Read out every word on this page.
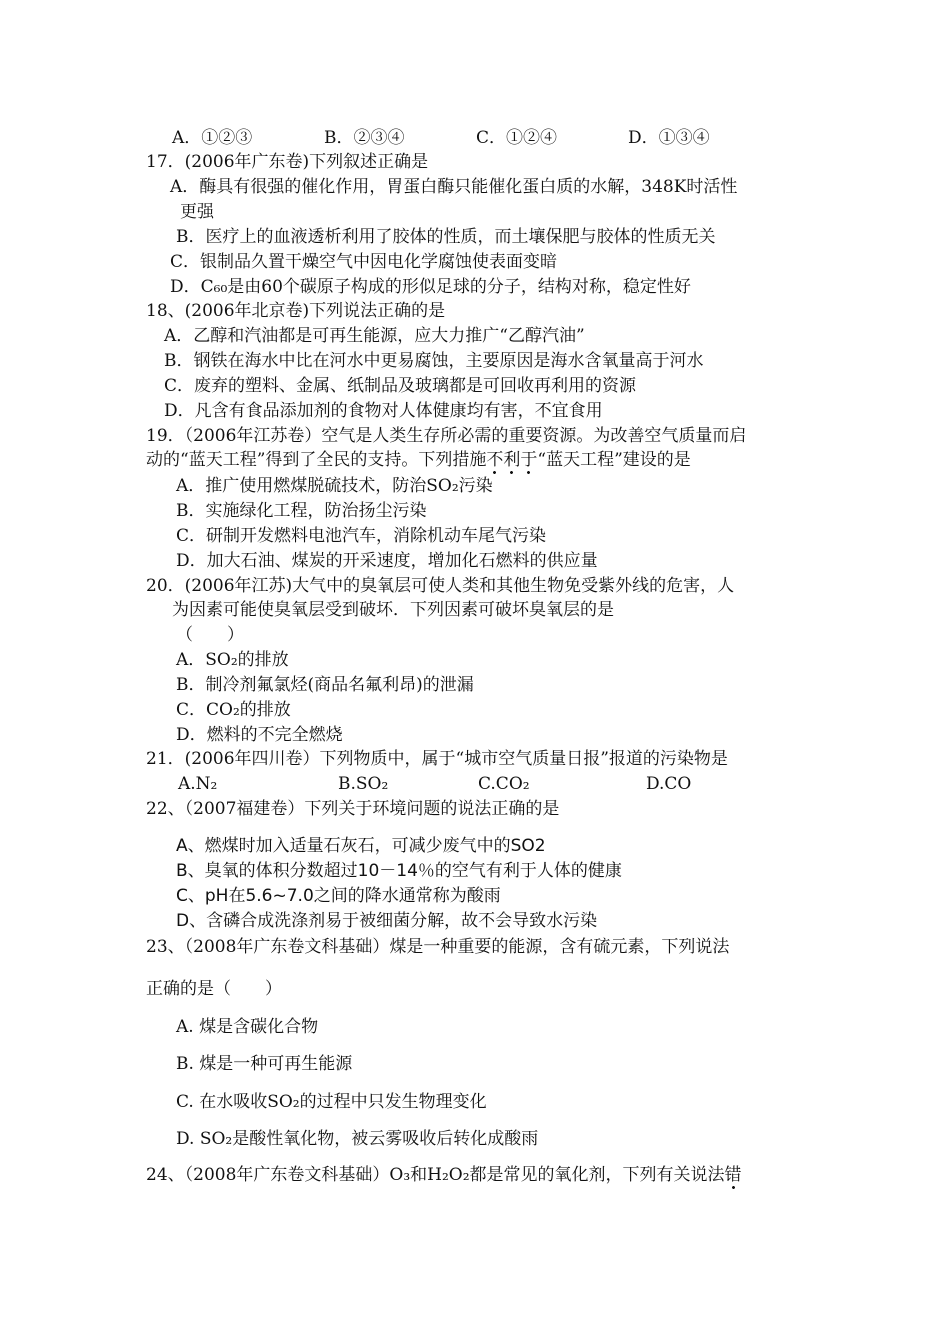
A．①②③	B．②③④	C．①②④	D．①③④
17．(2006年广东卷)下列叙述正确是
A．酶具有很强的催化作用，胃蛋白酶只能催化蛋白质的水解，348K时活性
更强
B．医疗上的血液透析利用了胶体的性质，而土壤保肥与胶体的性质无关
C．银制品久置干燥空气中因电化学腐蚀使表面变暗
D．C₆₀是由60个碳原子构成的形似足球的分子，结构对称，稳定性好
18、(2006年北京卷)下列说法正确的是
A．乙醇和汽油都是可再生能源，应大力推广“乙醇汽油”
B．钢铁在海水中比在河水中更易腐蚀，主要原因是海水含氧量高于河水
C．废弃的塑料、金属、纸制品及玻璃都是可回收再利用的资源
D．凡含有食品添加剂的食物对人体健康均有害，不宜食用
19．（2006年江苏卷）空气是人类生存所必需的重要资源。为改善空气质量而启
动的“蓝天工程”得到了全民的支持。下列措施不利于“蓝天工程”建设的是
A．推广使用燃煤脱硫技术，防治SO₂污染
B．实施绿化工程，防治扬尘污染
C．研制开发燃料电池汽车，消除机动车尾气污染
D．加大石油、煤炭的开采速度，增加化石燃料的供应量
20．(2006年江苏)大气中的臭氧层可使人类和其他生物免受紫外线的危害，人
为因素可能使臭氧层受到破坏．下列因素可破坏臭氧层的是
（　　）
A．SO₂的排放
B．制冷剂氟氯烃(商品名氟利昂)的泄漏
C．CO₂的排放
D．燃料的不完全燃烧
21．(2006年四川卷）下列物质中，属于“城市空气质量日报”报道的污染物是
A.N₂	B.SO₂	C.CO₂	D.CO
22、（2007福建卷）下列关于环境问题的说法正确的是
A、燃煤时加入适量石灰石，可减少废气中的SO2
B、臭氧的体积分数超过10－14％的空气有利于人体的健康
C、pH在5.6~7.0之间的降水通常称为酸雨
D、含磷合成洗涤剂易于被细菌分解，故不会导致水污染
23、（2008年广东卷文科基础）煤是一种重要的能源，含有硫元素，下列说法
正确的是（　　）
A. 煤是含碳化合物
B. 煤是一种可再生能源
C. 在水吸收SO₂的过程中只发生物理变化
D. SO₂是酸性氧化物，被云雾吸收后转化成酸雨
24、（2008年广东卷文科基础）O₃和H₂O₂都是常见的氧化剂，下列有关说法错
